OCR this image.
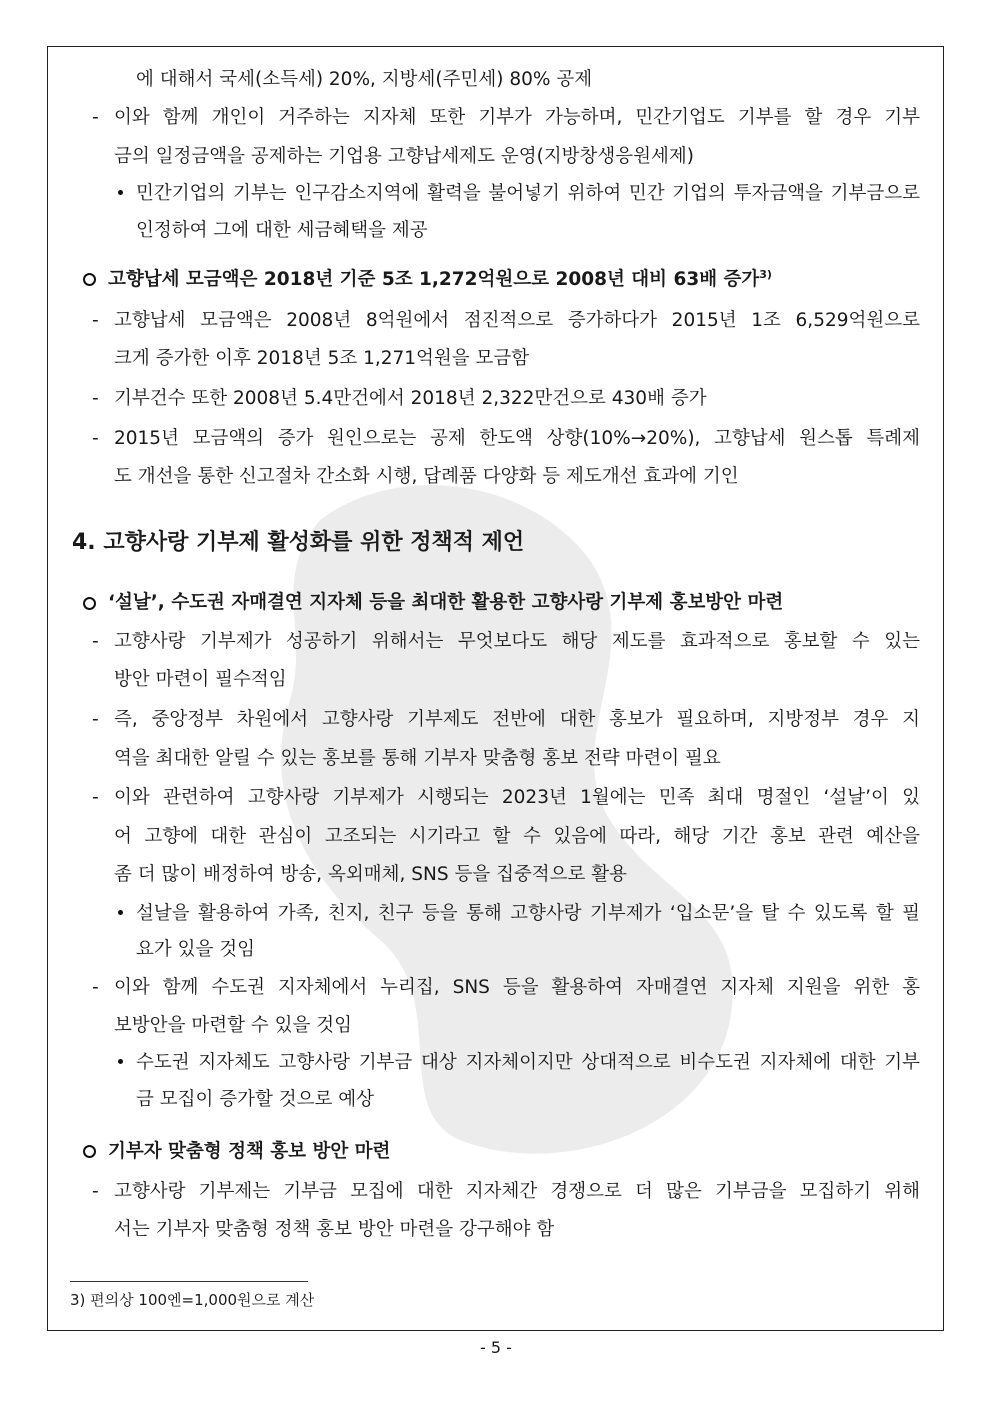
에 대해서 국세(소득세) 20%, 지방세(주민세) 80% 공제
- 이와 함께 개인이 거주하는 지자체 또한 기부가 가능하며, 민간기업도 기부를 할 경우 기부
금의 일정금액을 공제하는 기업용 고향납세제도 운영(지방창생응원세제)
민간기업의 기부는 인구감소지역에 활력을 불어넣기 위하여 민간 기업의 투자금액을 기부금으로
인정하여 그에 대한 세금혜택을 제공
고향납세 모금액은 2018년 기준 5조 1,272억원으로 2008년 대비 63배 증가$^{3)}$
- 고향납세 모금액은 2008년 8억원에서 점진적으로 증가하다가 2015년 1조 6,529억원으로
크게 증가한 이후 2018년 5조 1,271억원을 모금함
- 기부건수 또한 2008년 5.4만건에서 2018년 2,322만건으로 430배 증가
- 2015년 모금액의 증가 원인으로는 공제 한도액 상향(10%→20%), 고향납세 원스톱 특례제
도 개선을 통한 신고절차 간소화 시행, 답례품 다양화 등 제도개선 효과에 기인
4. 고향사랑 기부제 활성화를 위한 정책적 제언
‘설날’, 수도권 자매결연 지자체 등을 최대한 활용한 고향사랑 기부제 홍보방안 마련
- 고향사랑 기부제가 성공하기 위해서는 무엇보다도 해당 제도를 효과적으로 홍보할 수 있는
방안 마련이 필수적임
- 즉, 중앙정부 차원에서 고향사랑 기부제도 전반에 대한 홍보가 필요하며, 지방정부 경우 지
역을 최대한 알릴 수 있는 홍보를 통해 기부자 맞춤형 홍보 전략 마련이 필요
- 이와 관련하여 고향사랑 기부제가 시행되는 2023년 1월에는 민족 최대 명절인 ‘설날’이 있
어 고향에 대한 관심이 고조되는 시기라고 할 수 있음에 따라, 해당 기간 홍보 관련 예산을
좀 더 많이 배정하여 방송, 옥외매체, SNS 등을 집중적으로 활용
설날을 활용하여 가족, 친지, 친구 등을 통해 고향사랑 기부제가 ‘입소문’을 탈 수 있도록 할 필
요가 있을 것임
- 이와 함께 수도권 지자체에서 누리집, SNS 등을 활용하여 자매결연 지자체 지원을 위한 홍
보방안을 마련할 수 있을 것임
수도권 지자체도 고향사랑 기부금 대상 지자체이지만 상대적으로 비수도권 지자체에 대한 기부
금 모집이 증가할 것으로 예상
기부자 맞춤형 정책 홍보 방안 마련
- 고향사랑 기부제는 기부금 모집에 대한 지자체간 경쟁으로 더 많은 기부금을 모집하기 위해
서는 기부자 맞춤형 정책 홍보 방안 마련을 강구해야 함
3) 편의상 100엔=1,000원으로 계산
- 5 -
